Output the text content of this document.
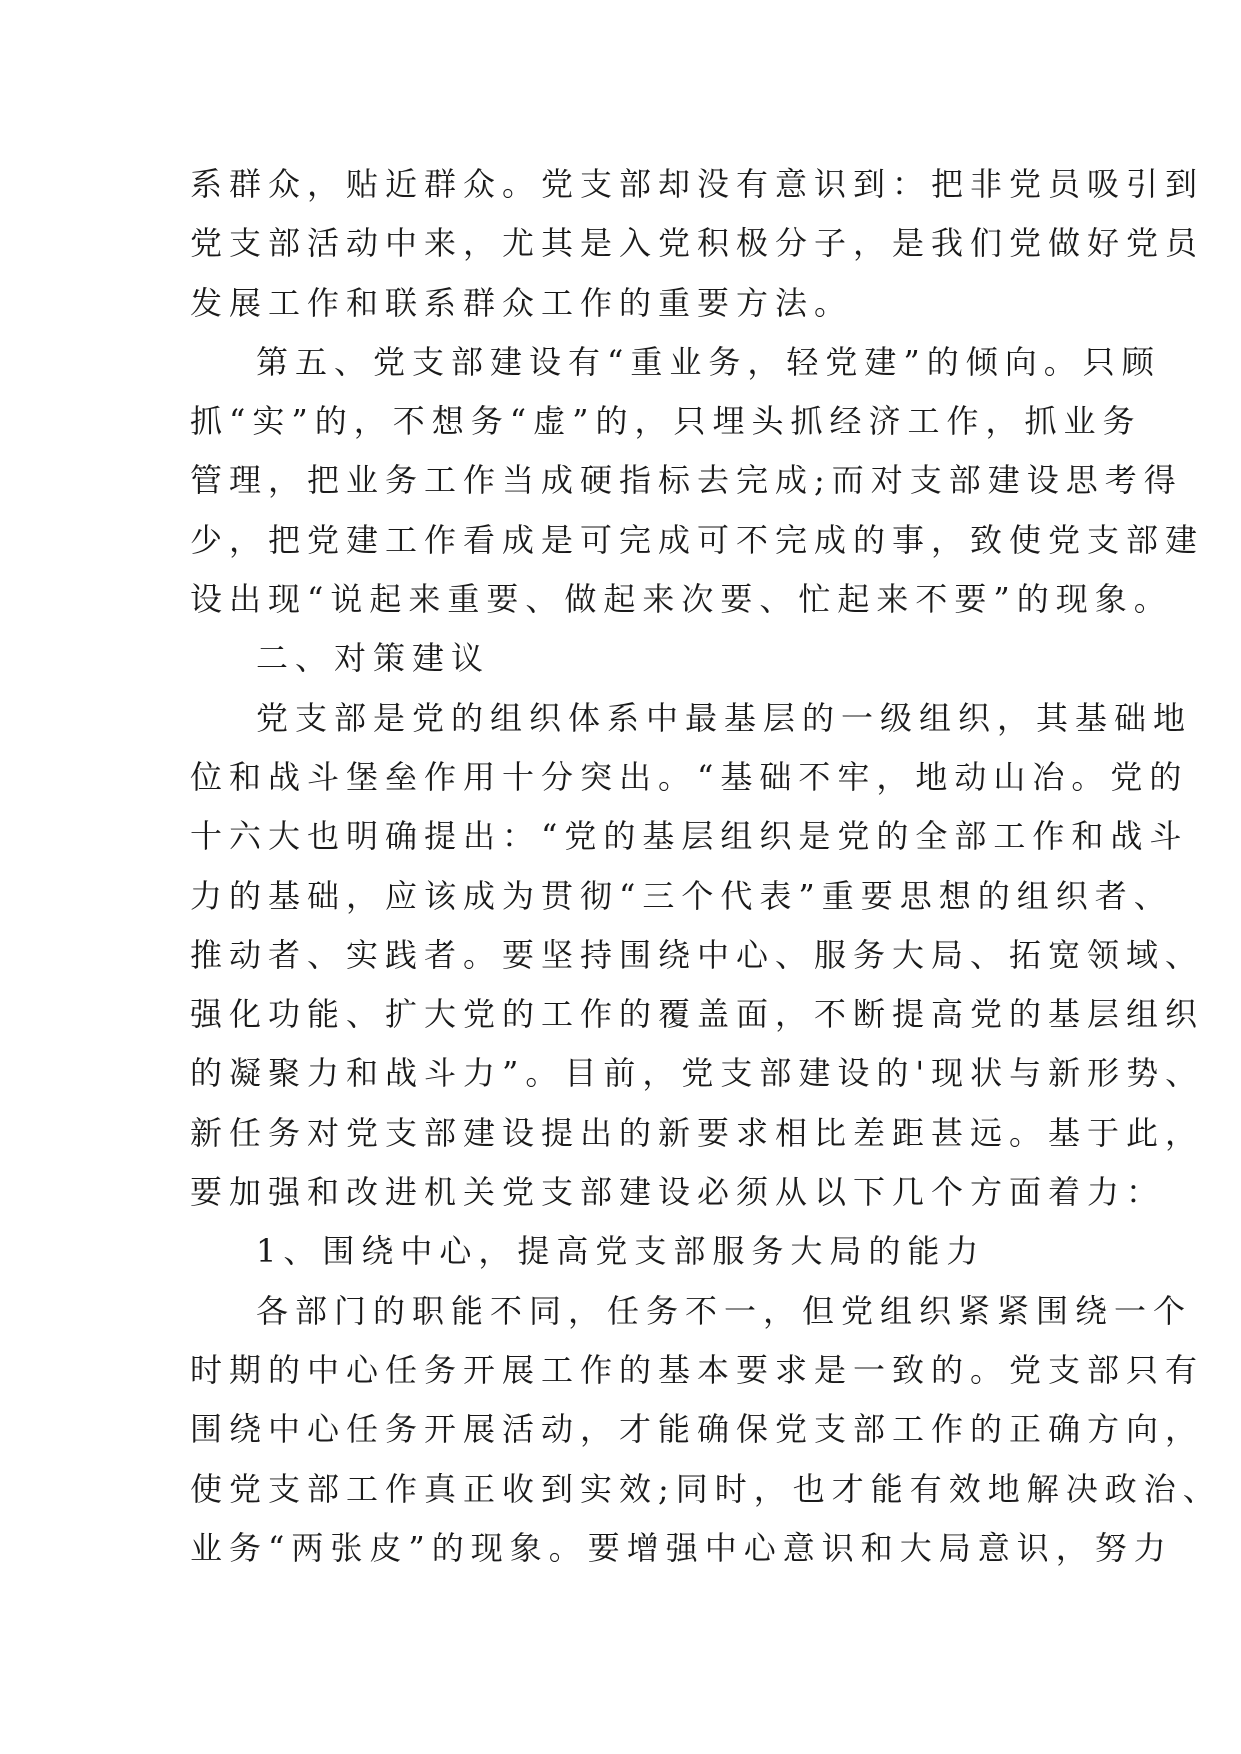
系群众，贴近群众。党支部却没有意识到：把非党员吸引到
党支部活动中来，尤其是入党积极分子，是我们党做好党员
发展工作和联系群众工作的重要方法。
第五、党支部建设有“重业务，轻党建”的倾向。只顾
抓“实”的，不想务“虚”的，只埋头抓经济工作，抓业务
管理，把业务工作当成硬指标去完成;而对支部建设思考得
少，把党建工作看成是可完成可不完成的事，致使党支部建
设出现“说起来重要、做起来次要、忙起来不要”的现象。
二、对策建议
党支部是党的组织体系中最基层的一级组织，其基础地
位和战斗堡垒作用十分突出。“基础不牢，地动山冶。党的
十六大也明确提出：“党的基层组织是党的全部工作和战斗
力的基础，应该成为贯彻“三个代表”重要思想的组织者、
推动者、实践者。要坚持围绕中心、服务大局、拓宽领域、
强化功能、扩大党的工作的覆盖面，不断提高党的基层组织
的凝聚力和战斗力”。目前，党支部建设的'现状与新形势、
新任务对党支部建设提出的新要求相比差距甚远。基于此，
要加强和改进机关党支部建设必须从以下几个方面着力：
1、围绕中心，提高党支部服务大局的能力
各部门的职能不同，任务不一，但党组织紧紧围绕一个
时期的中心任务开展工作的基本要求是一致的。党支部只有
围绕中心任务开展活动，才能确保党支部工作的正确方向，
使党支部工作真正收到实效;同时，也才能有效地解决政治、
业务“两张皮”的现象。要增强中心意识和大局意识，努力
